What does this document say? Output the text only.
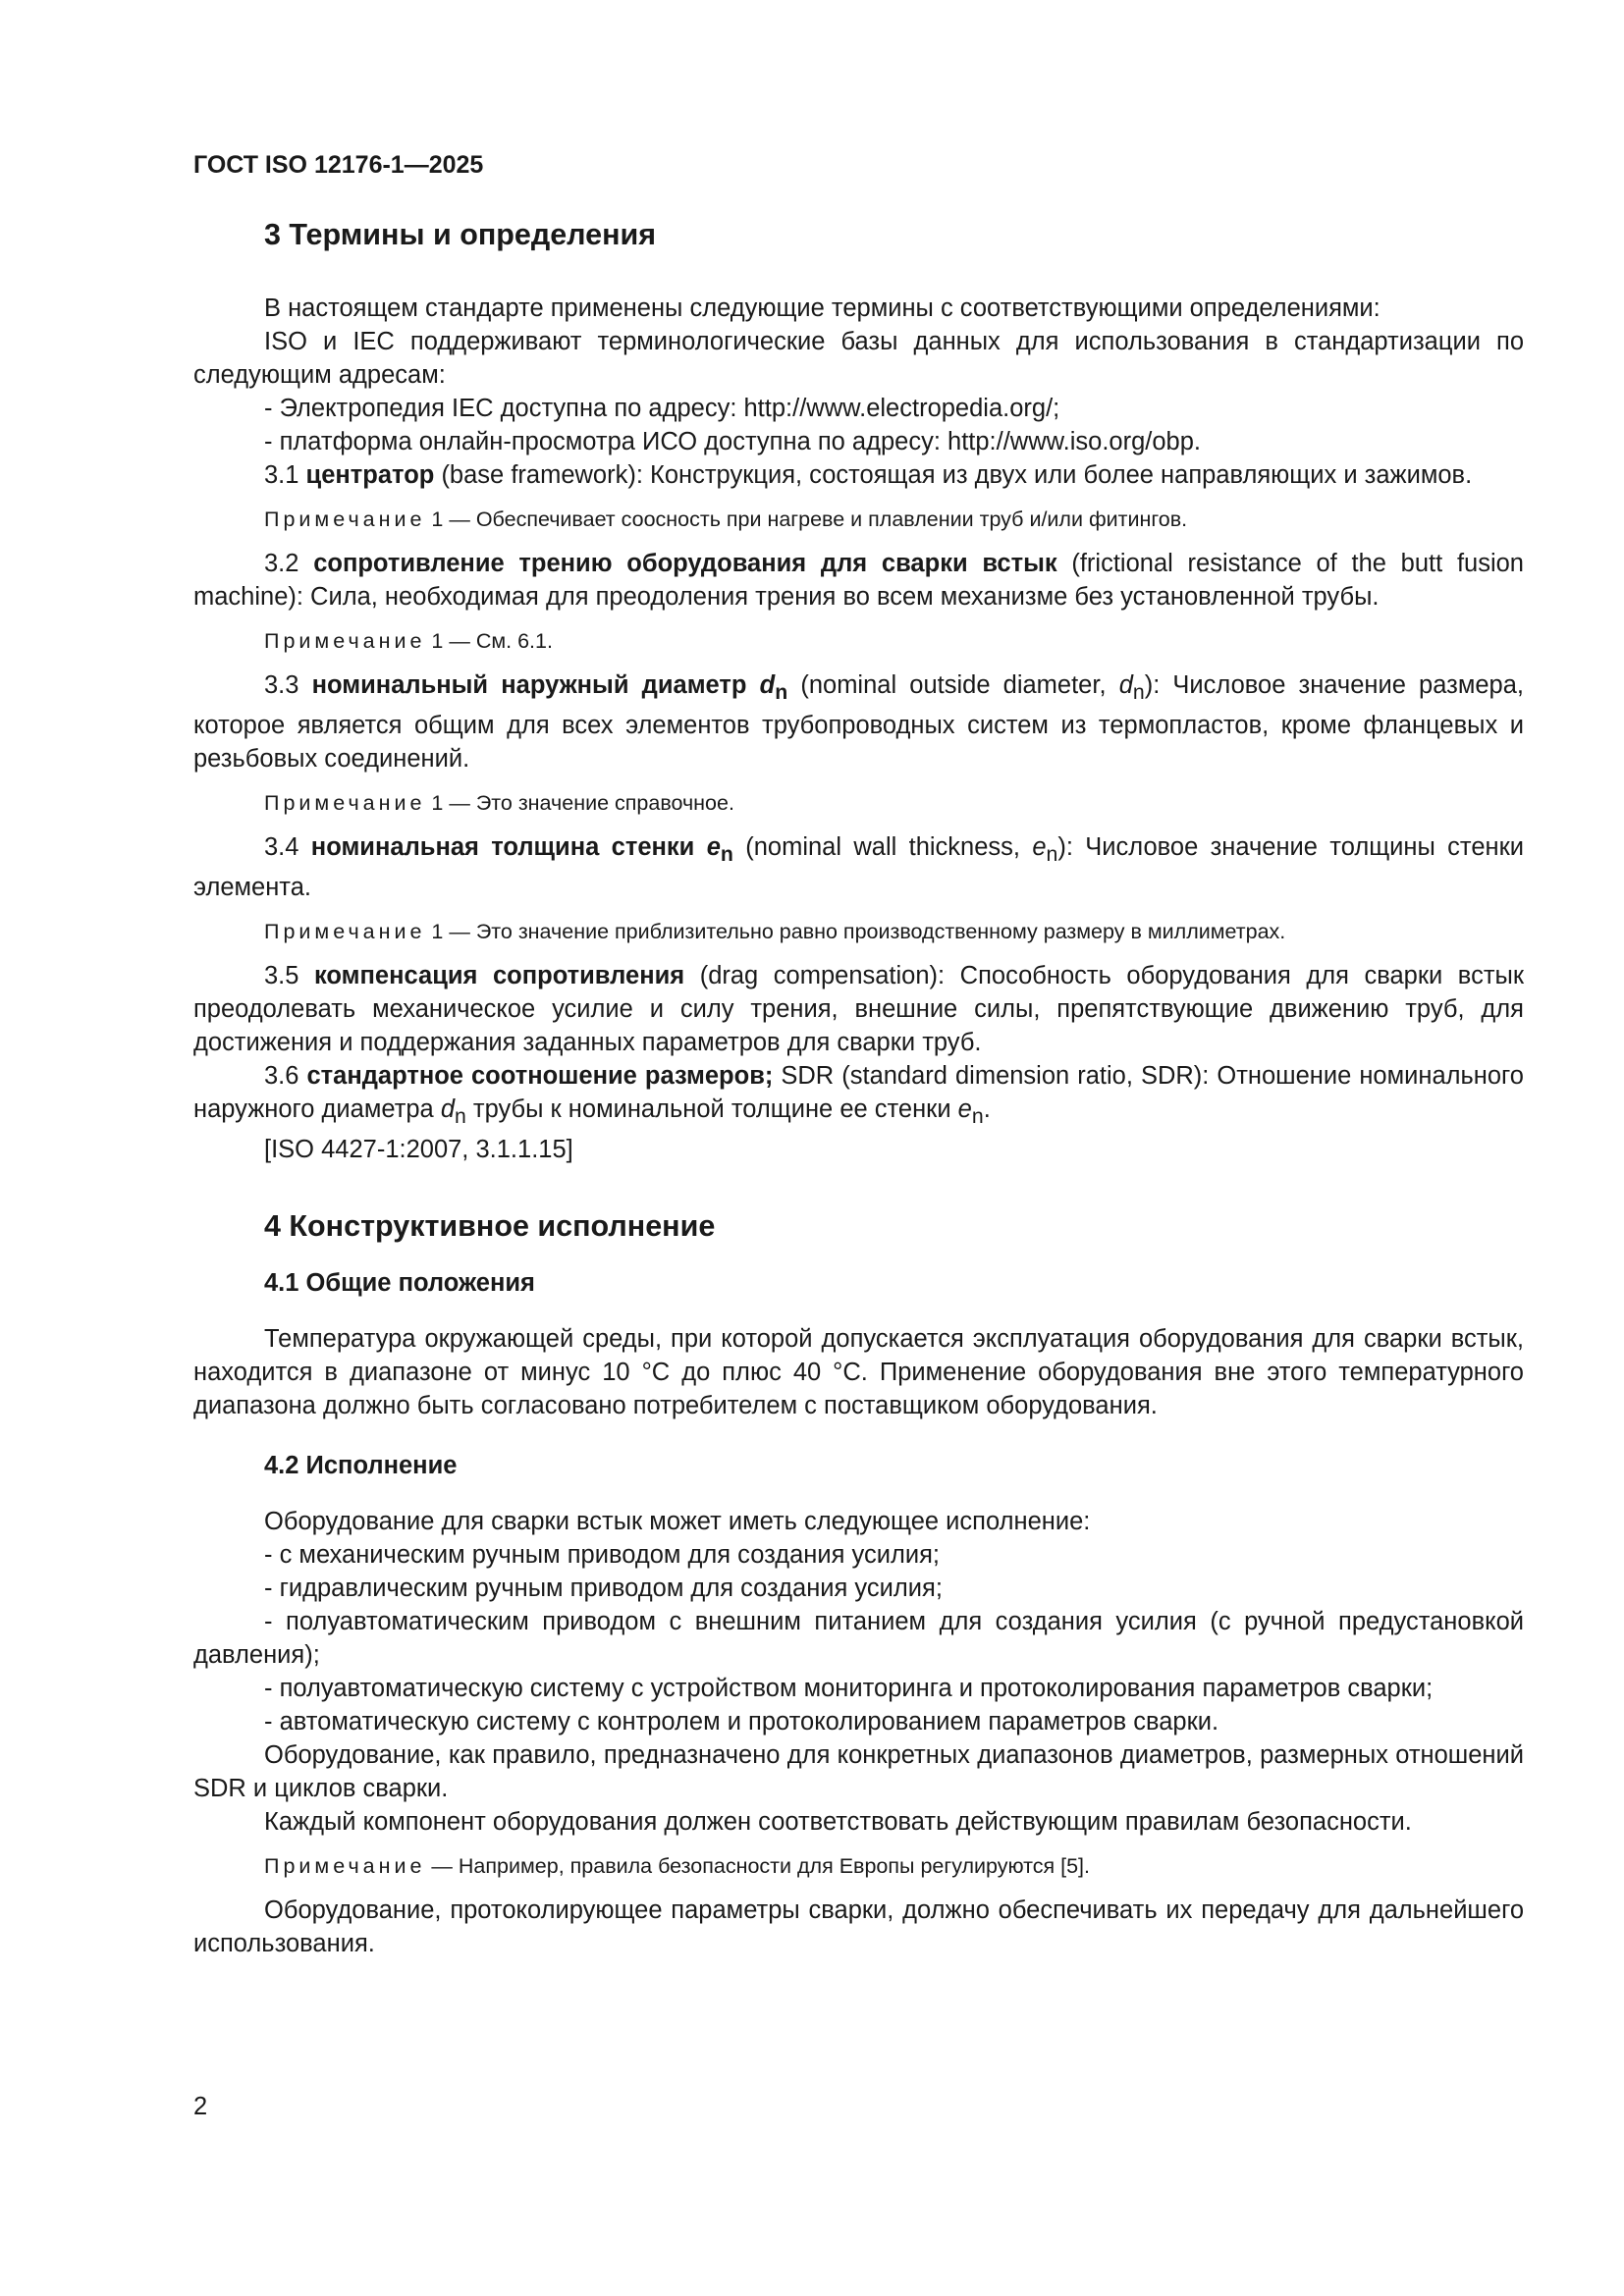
ГОСТ ISO 12176-1—2025

3 Термины и определения

В настоящем стандарте применены следующие термины с соответствующими определениями:

ISO и IEC поддерживают терминологические базы данных для использования в стандартизации по следующим адресам:

- Электропедия IEC доступна по адресу: http://www.electropedia.org/;

- платформа онлайн-просмотра ИСО доступна по адресу: http://www.iso.org/obp.

3.1 центратор (base framework): Конструкция, состоящая из двух или более направляющих и зажимов.

Примечание 1 — Обеспечивает соосность при нагреве и плавлении труб и/или фитингов.

3.2 сопротивление трению оборудования для сварки встык (frictional resistance of the butt fusion machine): Сила, необходимая для преодоления трения во всем механизме без установленной трубы.

Примечание 1 — См. 6.1.

3.3 номинальный наружный диаметр $d_n$ (nominal outside diameter, $d_n$): Числовое значение размера, которое является общим для всех элементов трубопроводных систем из термопластов, кроме фланцевых и резьбовых соединений.

Примечание 1 — Это значение справочное.

3.4 номинальная толщина стенки $e_n$ (nominal wall thickness, $e_n$): Числовое значение толщины стенки элемента.

Примечание 1 — Это значение приблизительно равно производственному размеру в миллиметрах.

3.5 компенсация сопротивления (drag compensation): Способность оборудования для сварки встык преодолевать механическое усилие и силу трения, внешние силы, препятствующие движению труб, для достижения и поддержания заданных параметров для сварки труб.

3.6 стандартное соотношение размеров; SDR (standard dimension ratio, SDR): Отношение номинального наружного диаметра $d_n$ трубы к номинальной толщине ее стенки $e_n$.

[ISO 4427-1:2007, 3.1.1.15]

4 Конструктивное исполнение
4.1 Общие положения

Температура окружающей среды, при которой допускается эксплуатация оборудования для сварки встык, находится в диапазоне от минус 10 °С до плюс 40 °С. Применение оборудования вне этого температурного диапазона должно быть согласовано потребителем с поставщиком оборудования.

4.2 Исполнение

Оборудование для сварки встык может иметь следующее исполнение:

- с механическим ручным приводом для создания усилия;

- гидравлическим ручным приводом для создания усилия;

- полуавтоматическим приводом с внешним питанием для создания усилия (с ручной предустановкой давления);

- полуавтоматическую систему с устройством мониторинга и протоколирования параметров сварки;

- автоматическую систему с контролем и протоколированием параметров сварки.

Оборудование, как правило, предназначено для конкретных диапазонов диаметров, размерных отношений SDR и циклов сварки.

Каждый компонент оборудования должен соответствовать действующим правилам безопасности.

Примечание — Например, правила безопасности для Европы регулируются [5].

Оборудование, протоколирующее параметры сварки, должно обеспечивать их передачу для дальнейшего использования.

2
